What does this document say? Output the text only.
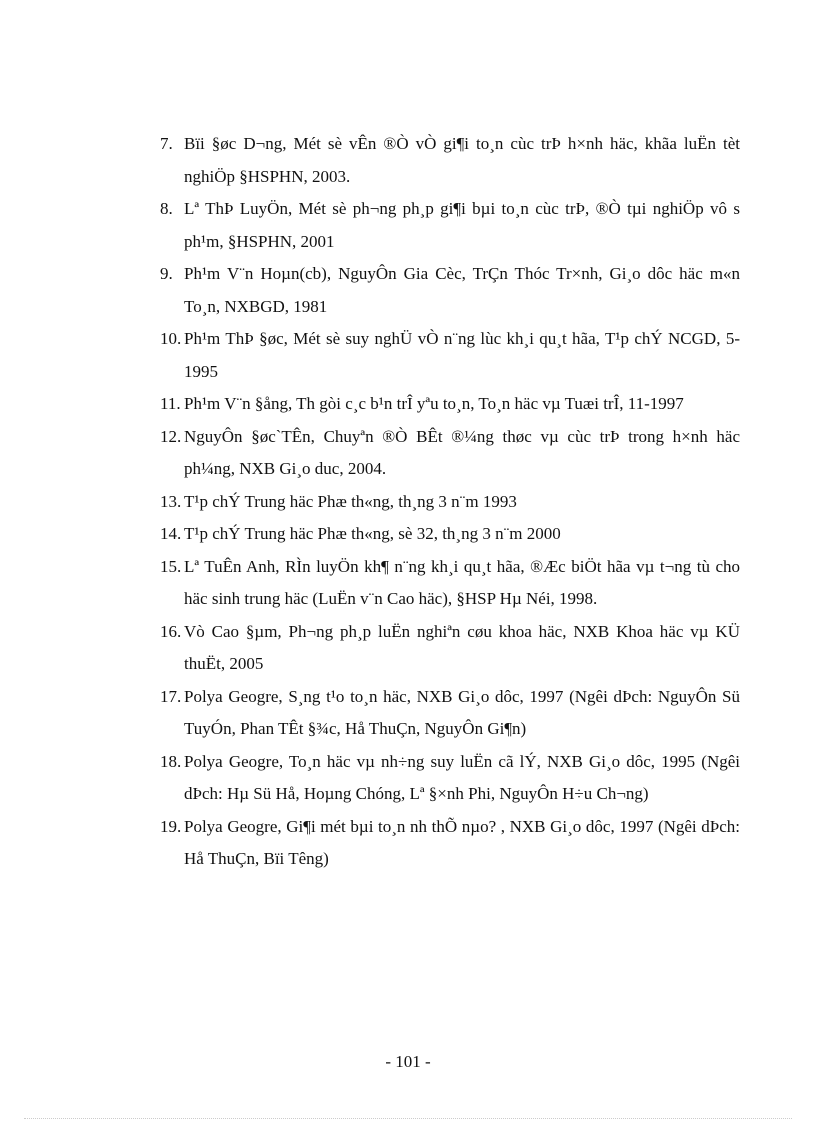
7. Bïi §øc D¬ng, Mét sè vÊn ®Ò vÒ gi¶i to¸n cùc trÞ h×nh häc, khãa luËn tèt nghiÖp §HSPHN, 2003.
8. Lª ThÞ LuyÖn, Mét sè ph¬ng ph¸p gi¶i bµi to¸n cùc trÞ, ®Ò tµi nghiÖp vô s ph¹m, §HSPHN, 2001
9. Ph¹m V¨n Hoµn(cb), NguyÔn Gia Cèc, TrÇn Thóc Tr×nh, Gi¸o dôc häc m«n To¸n, NXBGD, 1981
10. Ph¹m ThÞ §øc, Mét sè suy nghÜ vÒ n¨ng lùc kh¸i qu¸t hãa, T¹p chÝ NCGD, 5-1995
11. Ph¹m V¨n §ång, Th gòi c¸c b¹n trÎ yªu to¸n, To¸n häc vµ Tuæi trÎ, 11-1997
12. NguyÔn §øc`TÊn, Chuyªn ®Ò BÊt ®¼ng thøc vµ cùc trÞ trong h×nh häc ph¼ng, NXB Gi¸o duc, 2004.
13. T¹p chÝ Trung häc Phæ th«ng, th¸ng 3 n¨m 1993
14. T¹p chÝ Trung häc Phæ th«ng, sè 32, th¸ng 3 n¨m 2000
15. Lª TuÊn Anh, RÌn luyÖn kh¶ n¨ng kh¸i qu¸t hãa, ®Æc biÖt hãa vµ t¬ng tù cho häc sinh trung häc (LuËn v¨n Cao häc), §HSP Hµ Néi, 1998.
16. Vò Cao §µm, Ph¬ng ph¸p luËn nghiªn cøu khoa häc, NXB Khoa häc vµ KÜ thuËt, 2005
17. Polya Geogre, S¸ng t¹o to¸n häc, NXB Gi¸o dôc, 1997 (Ngêi dÞch: NguyÔn Sü TuyÓn, Phan TÊt §¾c, Hå ThuÇn, NguyÔn Gi¶n)
18. Polya Geogre, To¸n häc vµ nh÷ng suy luËn cã lÝ, NXB Gi¸o dôc, 1995 (Ngêi dÞch: Hµ Sü Hå, Hoµng Chóng, Lª §×nh Phi, NguyÔn H÷u Ch¬ng)
19. Polya Geogre, Gi¶i mét bµi to¸n nh thÕ nµo? , NXB Gi¸o dôc, 1997 (Ngêi dÞch: Hå ThuÇn, Bïi Têng)
- 101 -
